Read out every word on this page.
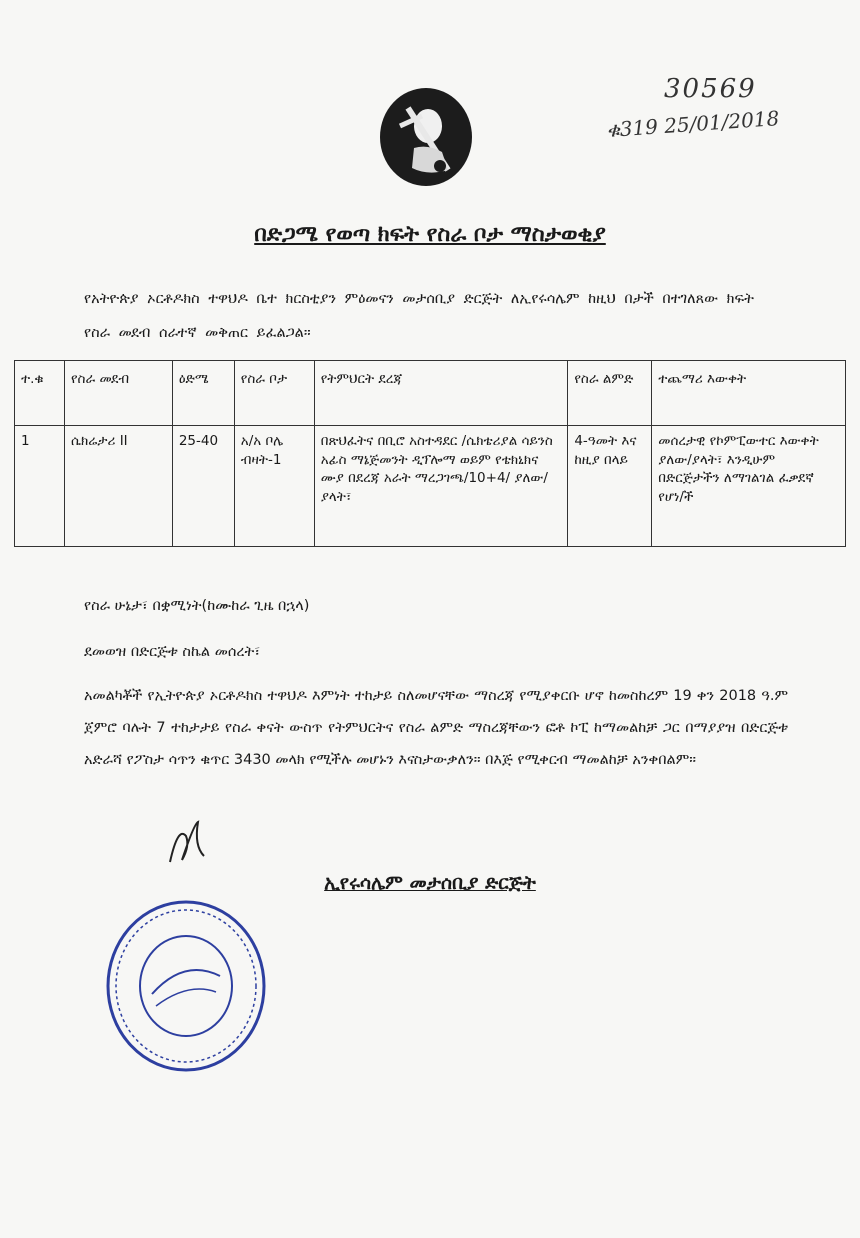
30569
ቁ319 25/01/2018
በድጋሜ የወጣ ክፍት የስራ ቦታ ማስታወቂያ
የአትዮጵያ ኦርቶዶክስ ተዋህዶ ቤተ ክርስቲያን ምዕመናን መታሰቢያ ድርጅት ለኢየሩሳሌም ከዚህ በታች በተገለጸው ክፍት የስራ መደብ ሰራተኛ መቅጠር ይፈልጋል።
ተ.ቁ	የስራ መደብ	ዕድሜ	የስራ ቦታ	የትምህርት ደረጃ	የስራ ልምድ	ተጨማሪ እውቀት
1	ሴክሬታሪ II	25-40	አ/አ ቦሌ ብዛት-1	በጽህፈትና በቢሮ አስተዳደር /ሴክቴሪያል ሳይንስ አፊስ ማኔጅመንት ዲፕሎማ ወይም የቴክኒክና ሙያ በደረጃ አራት ማረጋገጫ/10+4/ ያለው/ያላት፣	4-ዓመት እና ከዚያ በላይ	መሰረታዊ የኮምፒውተር እውቀት ያለው/ያላት፣ እንዲሁም በድርጅታችን ለማገልገል ፈቃደኛ የሆነ/ች
የስራ ሁኔታ፣ በቋሚነት(ከሙከራ ጊዜ በኋላ)
ደመወዝ በድርጅቱ ስኬል መሰረት፣
አመልካቾች የኢትዮጵያ ኦርቶዶክስ ተዋህዶ እምነት ተከታይ ስለመሆናቸው ማስረጃ የሚያቀርቡ ሆኖ ከመስከረም 19 ቀን 2018 ዓ.ም ጀምሮ ባሉት 7 ተከታታይ የስራ ቀናት ውስጥ የትምህርትና የስራ ልምድ ማስረጃቸውን ፎቶ ኮፒ ከማመልከቻ ጋር በማያያዝ በድርጅቱ አድራሻ የፖስታ ሳጥን ቁጥር 3430 መላክ የሚችሉ መሆኑን እናስታውቃለን። በእጅ የሚቀርብ ማመልከቻ አንቀበልም።
ኢየሩሳሌም መታሰቢያ ድርጅት
